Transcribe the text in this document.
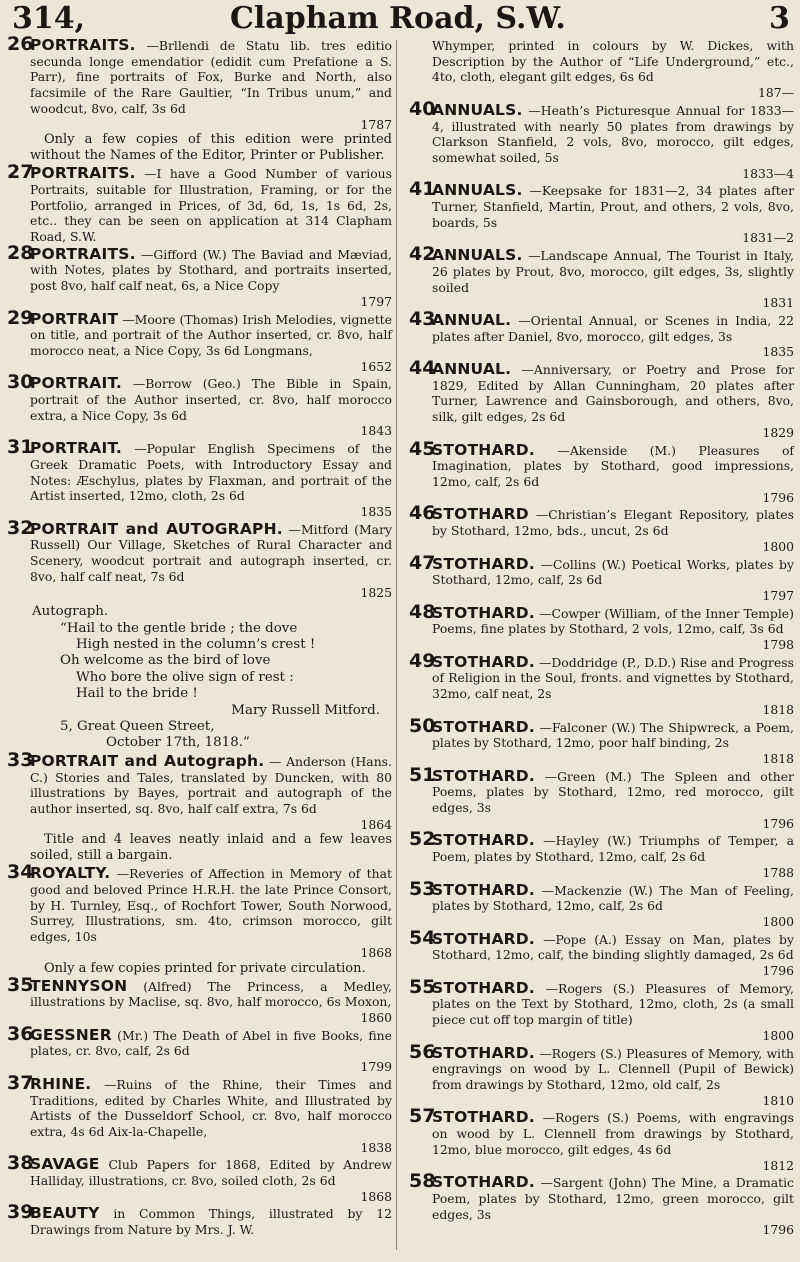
314,	Clapham Road, S.W.	3
26
PORTRAITS. —Brllendi de Statu lib. tres editio secunda longe emendatior (edidit cum Prefatione a S. Parr), fine portraits of Fox, Burke and North, also facsimile of the Rare Gaultier, “In Tribus unum,” and woodcut, 8vo, calf, 3s 6d
1787
Only a few copies of this edition were printed without the Names of the Editor, Printer or Publisher.
27
PORTRAITS. —I have a Good Number of various Portraits, suitable for Illustration, Framing, or for the Portfolio, arranged in Prices, of 3d, 6d, 1s, 1s 6d, 2s, etc.. they can be seen on application at 314 Clapham Road, S.W.
28
PORTRAITS. —Gifford (W.) The Baviad and Mæviad, with Notes, plates by Stothard, and portraits inserted, post 8vo, half calf neat, 6s, a Nice Copy
1797
29
PORTRAIT —Moore (Thomas) Irish Melodies, vignette on title, and portrait of the Author inserted, cr. 8vo, half morocco neat, a Nice Copy, 3s 6d Longmans,
1652
30
PORTRAIT. —Borrow (Geo.) The Bible in Spain, portrait of the Author inserted, cr. 8vo, half morocco extra, a Nice Copy, 3s 6d
1843
31
PORTRAIT. —Popular English Specimens of the Greek Dramatic Poets, with Introductory Essay and Notes: Æschylus, plates by Flaxman, and portrait of the Artist inserted, 12mo, cloth, 2s 6d
1835
32
PORTRAIT and AUTOGRAPH. —Mitford (Mary Russell) Our Village, Sketches of Rural Character and Scenery, woodcut portrait and autograph inserted, cr. 8vo, half calf neat, 7s 6d
1825
Autograph.
“Hail to the gentle bride ; the dove
High nested in the column’s crest !
Oh welcome as the bird of love
Who bore the olive sign of rest :
Hail to the bride !
Mary Russell Mitford.
5, Great Queen Street,
October 17th, 1818.”
33
PORTRAIT and Autograph. — Anderson (Hans. C.) Stories and Tales, translated by Duncken, with 80 illustrations by Bayes, portrait and autograph of the author inserted, sq. 8vo, half calf extra, 7s 6d
1864
Title and 4 leaves neatly inlaid and a few leaves soiled, still a bargain.
34
ROYALTY. —Reveries of Affection in Memory of that good and beloved Prince H.R.H. the late Prince Consort, by H. Turnley, Esq., of Rochfort Tower, South Norwood, Surrey, Illustrations, sm. 4to, crimson morocco, gilt edges, 10s
1868
Only a few copies printed for private circulation.
35
TENNYSON (Alfred) The Princess, a Medley, illustrations by Maclise, sq. 8vo, half morocco, 6s Moxon,
1860
36
GESSNER (Mr.) The Death of Abel in five Books, fine plates, cr. 8vo, calf, 2s 6d
1799
37
RHINE. —Ruins of the Rhine, their Times and Traditions, edited by Charles White, and Illustrated by Artists of the Dusseldorf School, cr. 8vo, half morocco extra, 4s 6d Aix-la-Chapelle,
1838
38
SAVAGE Club Papers for 1868, Edited by Andrew Halliday, illustrations, cr. 8vo, soiled cloth, 2s 6d
1868
39
BEAUTY in Common Things, illustrated by 12 Drawings from Nature by Mrs. J. W.
Whymper, printed in colours by W. Dickes, with Description by the Author of “Life Underground,” etc., 4to, cloth, elegant gilt edges, 6s 6d
187—
40
ANNUALS. —Heath’s Picturesque Annual for 1833—4, illustrated with nearly 50 plates from drawings by Clarkson Stanfield, 2 vols, 8vo, morocco, gilt edges, somewhat soiled, 5s
1833—4
41
ANNUALS. —Keepsake for 1831—2, 34 plates after Turner, Stanfield, Martin, Prout, and others, 2 vols, 8vo, boards, 5s
1831—2
42
ANNUALS. —Landscape Annual, The Tourist in Italy, 26 plates by Prout, 8vo, morocco, gilt edges, 3s, slightly soiled
1831
43
ANNUAL. —Oriental Annual, or Scenes in India, 22 plates after Daniel, 8vo, morocco, gilt edges, 3s
1835
44
ANNUAL. —Anniversary, or Poetry and Prose for 1829, Edited by Allan Cunningham, 20 plates after Turner, Lawrence and Gainsborough, and others, 8vo, silk, gilt edges, 2s 6d
1829
45
STOTHARD. —Akenside (M.) Pleasures of Imagination, plates by Stothard, good impressions, 12mo, calf, 2s 6d
1796
46
STOTHARD —Christian’s Elegant Repository, plates by Stothard, 12mo, bds., uncut, 2s 6d
1800
47
STOTHARD. —Collins (W.) Poetical Works, plates by Stothard, 12mo, calf, 2s 6d
1797
48
STOTHARD. —Cowper (William, of the Inner Temple) Poems, fine plates by Stothard, 2 vols, 12mo, calf, 3s 6d
1798
49
STOTHARD. —Doddridge (P., D.D.) Rise and Progress of Religion in the Soul, fronts. and vignettes by Stothard, 32mo, calf neat, 2s
1818
50
STOTHARD. —Falconer (W.) The Shipwreck, a Poem, plates by Stothard, 12mo, poor half binding, 2s
1818
51
STOTHARD. —Green (M.) The Spleen and other Poems, plates by Stothard, 12mo, red morocco, gilt edges, 3s
1796
52
STOTHARD. —Hayley (W.) Triumphs of Temper, a Poem, plates by Stothard, 12mo, calf, 2s 6d
1788
53
STOTHARD. —Mackenzie (W.) The Man of Feeling, plates by Stothard, 12mo, calf, 2s 6d
1800
54
STOTHARD. —Pope (A.) Essay on Man, plates by Stothard, 12mo, calf, the binding slightly damaged, 2s 6d
1796
55
STOTHARD. —Rogers (S.) Pleasures of Memory, plates on the Text by Stothard, 12mo, cloth, 2s (a small piece cut off top margin of title)
1800
56
STOTHARD. —Rogers (S.) Pleasures of Memory, with engravings on wood by L. Clennell (Pupil of Bewick) from drawings by Stothard, 12mo, old calf, 2s
1810
57
STOTHARD. —Rogers (S.) Poems, with engravings on wood by L. Clennell from drawings by Stothard, 12mo, blue morocco, gilt edges, 4s 6d
1812
58
STOTHARD. —Sargent (John) The Mine, a Dramatic Poem, plates by Stothard, 12mo, green morocco, gilt edges, 3s
1796
